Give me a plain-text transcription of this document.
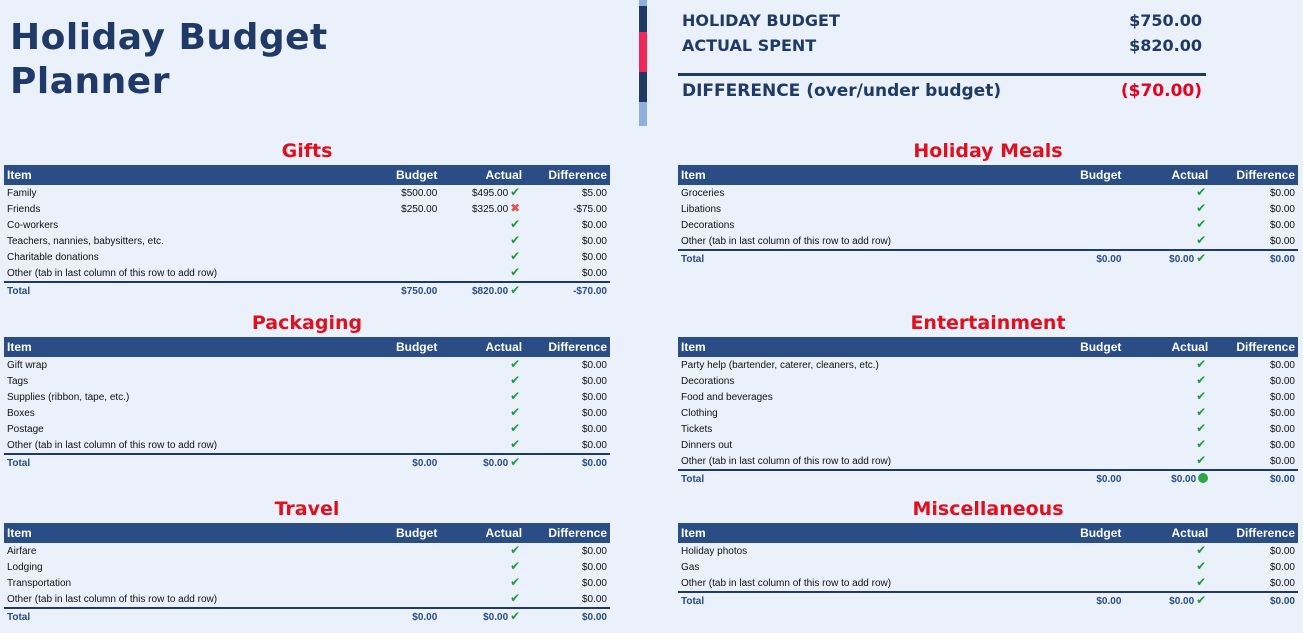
Holiday Budget
Planner
HOLIDAY BUDGET	$750.00
ACTUAL SPENT	$820.00
DIFFERENCE (over/under budget)	($70.00)
Gifts
Item	Budget	Actual	Difference
Family	$500.00	$495.00 ✔	$5.00
Friends	$250.00	$325.00 ✖	-$75.00
Co-workers		✔	$0.00
Teachers, nannies, babysitters, etc.		✔	$0.00
Charitable donations		✔	$0.00
Other (tab in last column of this row to add row)		✔	$0.00
Total	$750.00	$820.00 ✔	-$70.00
Holiday Meals
Item	Budget	Actual	Difference
Groceries		✔	$0.00
Libations		✔	$0.00
Decorations		✔	$0.00
Other (tab in last column of this row to add row)		✔	$0.00
Total	$0.00	$0.00 ✔	$0.00
Packaging
Item	Budget	Actual	Difference
Gift wrap		✔	$0.00
Tags		✔	$0.00
Supplies (ribbon, tape, etc.)		✔	$0.00
Boxes		✔	$0.00
Postage		✔	$0.00
Other (tab in last column of this row to add row)		✔	$0.00
Total	$0.00	$0.00 ✔	$0.00
Entertainment
Item	Budget	Actual	Difference
Party help (bartender, caterer, cleaners, etc.)		✔	$0.00
Decorations		✔	$0.00
Food and beverages		✔	$0.00
Clothing		✔	$0.00
Tickets		✔	$0.00
Dinners out		✔	$0.00
Other (tab in last column of this row to add row)		✔	$0.00
Total	$0.00	$0.00	$0.00
Travel
Item	Budget	Actual	Difference
Airfare		✔	$0.00
Lodging		✔	$0.00
Transportation		✔	$0.00
Other (tab in last column of this row to add row)		✔	$0.00
Total	$0.00	$0.00 ✔	$0.00
Miscellaneous
Item	Budget	Actual	Difference
Holiday photos		✔	$0.00
Gas		✔	$0.00
Other (tab in last column of this row to add row)		✔	$0.00
Total	$0.00	$0.00 ✔	$0.00
